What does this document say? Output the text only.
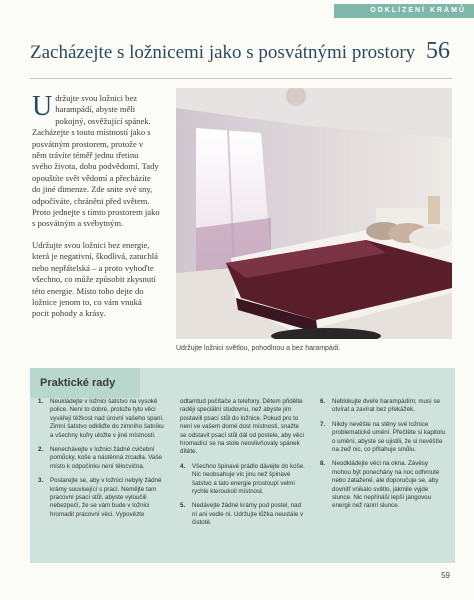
ODKLÍZENÍ KRÁMŮ
Zacházejte s ložnicemi jako s posvátnými prostory 56

Udržujte svou ložnici bez harampádí, abyste měli pokojný, osvěžující spánek. Zacházejte s touto místností jako s posvátným prostorem, protože v něm trávíte téměř jednu třetinu svého života, dobu podvědomí. Tady opouštíte svět vědomí a přecházíte do jiné dimenze. Zde snite své sny, odpočíváte, chráněni před světem. Proto jednejte s tímto prostorem jako s posvátným a svébytným.

Udržujte svou ložnici bez energie, která je negativní, škodlivá, zatuchlá nebo nepřátelská – a proto vyhoďte všechno, co může způsobit zkysnutí této energie. Místo toho dejte do ložnice jenom to, co vám vnuká pocit pohody a krásy.

Udržujte ložnici světlou, pohodlnou a bez harampádí.
Praktické rady
1. Neukládejte v ložnici šatstvo na vysoké police. Není to dobré, protože tyto věci vyvářejí těžkost nad úrovní vašeho spaní. Zimní šatstvo odkliďte do zimního šatníku a všechny kufry uložte v jiné místnosti.
2. Nenechávejte v ložnici žádné cvičební pomůcky, koše a nástěnná zrcadla. Vaše místo k odpočinku není tělocvična.
3. Postarejte se, aby v ložnici nebyly žádné krámy související s prací. Nemějte tam pracovní psací stůl, abyste vyloučili nebezpečí, že se vám bude v ložnici hromadit pracovní věci. Vypovězte
odtamtud počítače a telefony. Dětem přidělte raději speciální studovnu, než abyste jim postavili psací stůl do ložnice. Pokud pro to není ve vašem domě dost místnosti, snažte se odstavit psací stůl dál od postele, aby věci hromadící se na stole neovlivňovaly spánek dítěte.
4. Všechno špinavé prádlo dávejte do koše. Nic neobsahuje víc jinu než špinavé šatstvo a tato energie prostoupí velmi rychle kteroukoli místnost.
5. Nedávejte žádné krámy pod postel, nad ní ani vedle ní. Udržujte lůžka neustále v čistotě.
6. Neblokujte dveře harampádím; musí se otvírat a zavírat bez překážek.
7. Nikdy nevěšte na stěny své ložnice problematické umění. Přečtěte si kapitolu o umění, abyste se ujistili, že si nevěšíte na zeď nic, co přitahuje smůlu.
8. Neodkládejte věci na okna. Závěsy mohou být ponechány na noc odhrnuté nebo zatažené, ale doporučuje se, aby dovnitř vnikalo světlo, jakmile vyjde slunce. Nic nepřináší lepší jangovou energii než ranní slunce.
59
